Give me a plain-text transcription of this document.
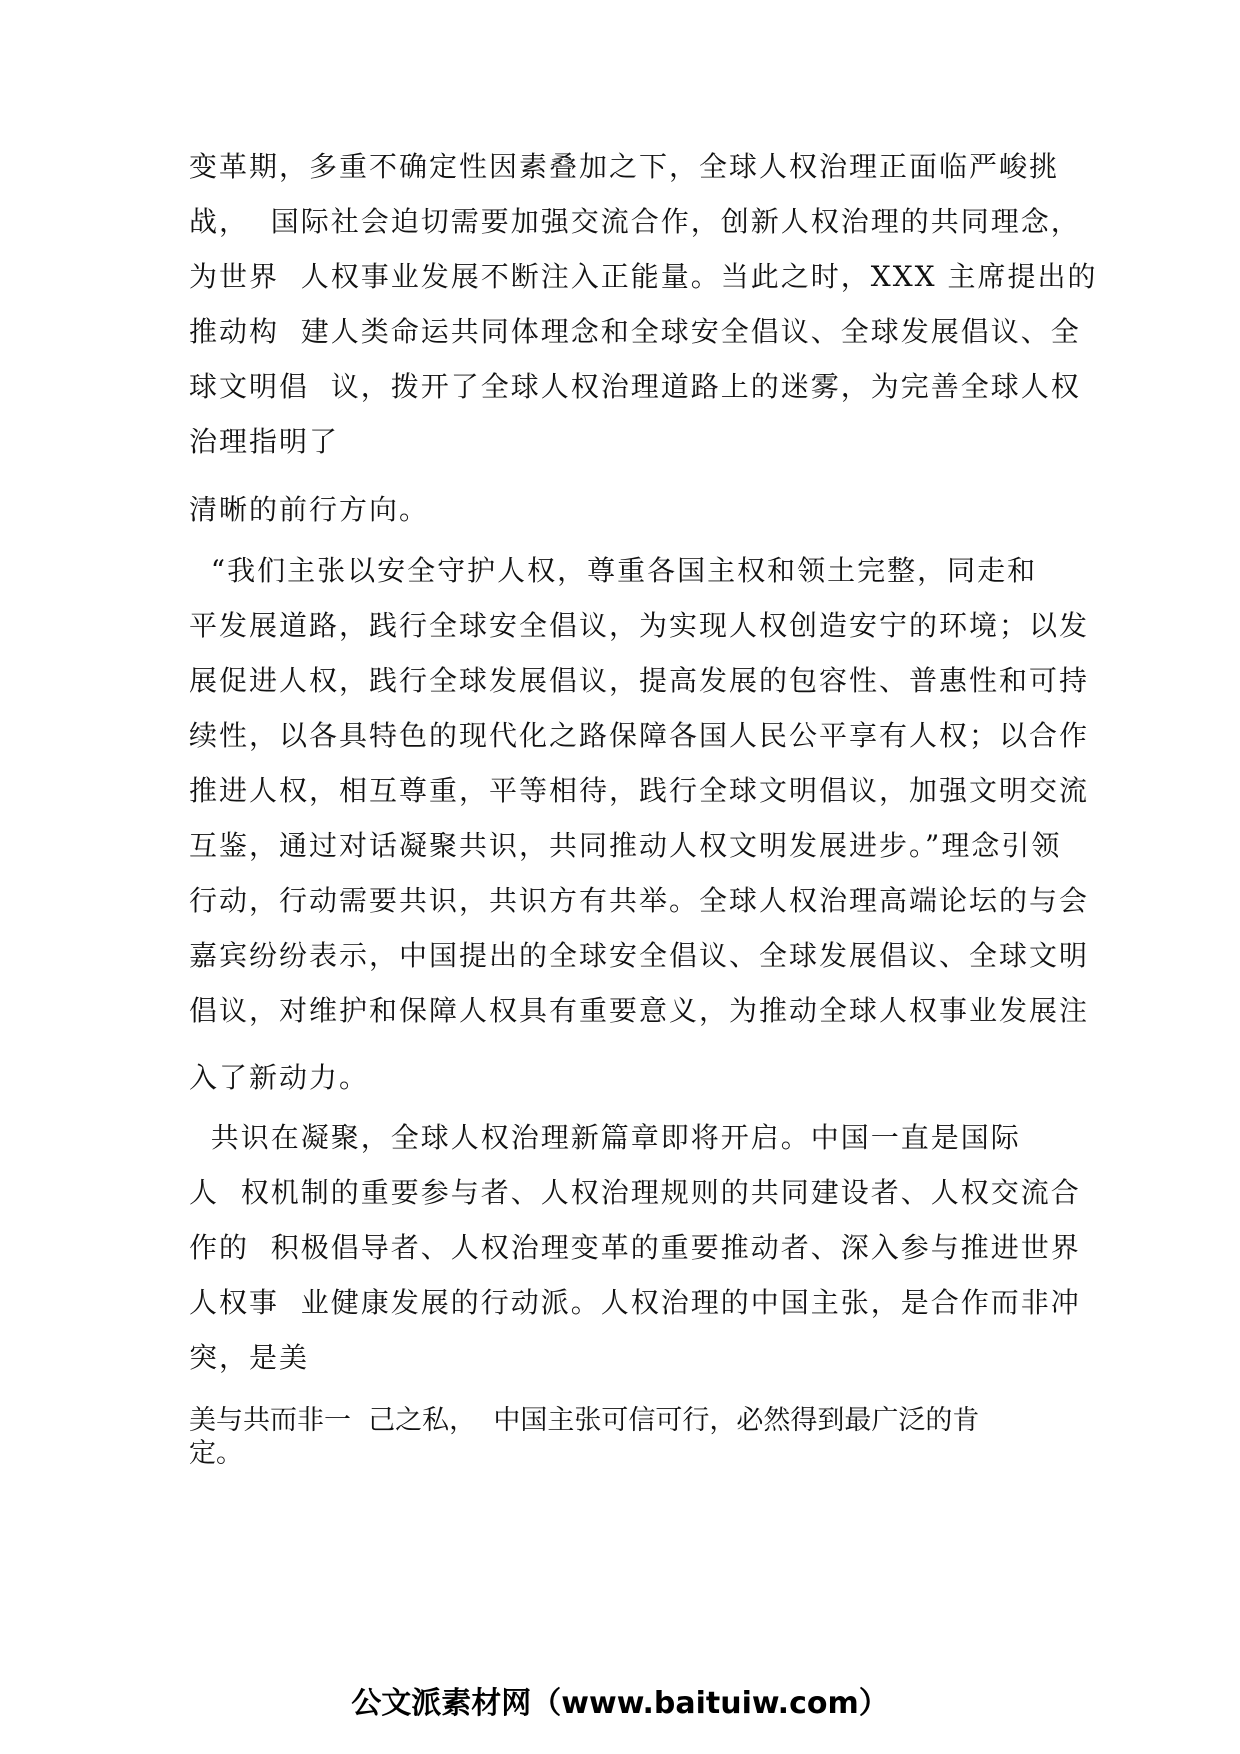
变革期，多重不确定性因素叠加之下，全球人权治理正面临严峻挑
战，  国际社会迫切需要加强交流合作，创新人权治理的共同理念，
为世界  人权事业发展不断注入正能量。当此之时，XXX 主席提出的
推动构  建人类命运共同体理念和全球安全倡议、全球发展倡议、全
球文明倡  议，拨开了全球人权治理道路上的迷雾，为完善全球人权
治理指明了
清晰的前行方向。
“我们主张以安全守护人权，尊重各国主权和领土完整，同走和
平发展道路，践行全球安全倡议，为实现人权创造安宁的环境；以发
展促进人权，践行全球发展倡议，提高发展的包容性、普惠性和可持
续性，以各具特色的现代化之路保障各国人民公平享有人权；以合作
推进人权，相互尊重，平等相待，践行全球文明倡议，加强文明交流
互鉴，通过对话凝聚共识，共同推动人权文明发展进步。”理念引领
行动，行动需要共识，共识方有共举。全球人权治理高端论坛的与会
嘉宾纷纷表示，中国提出的全球安全倡议、全球发展倡议、全球文明
倡议，对维护和保障人权具有重要意义，为推动全球人权事业发展注
入了新动力。
共识在凝聚，全球人权治理新篇章即将开启。中国一直是国际
人  权机制的重要参与者、人权治理规则的共同建设者、人权交流合
作的  积极倡导者、人权治理变革的重要推动者、深入参与推进世界
人权事  业健康发展的行动派。人权治理的中国主张，是合作而非冲
突，是美
美与共而非一  己之私，  中国主张可信可行，必然得到最广泛的肯
定。
公文派素材网（www.baituiw.com）
